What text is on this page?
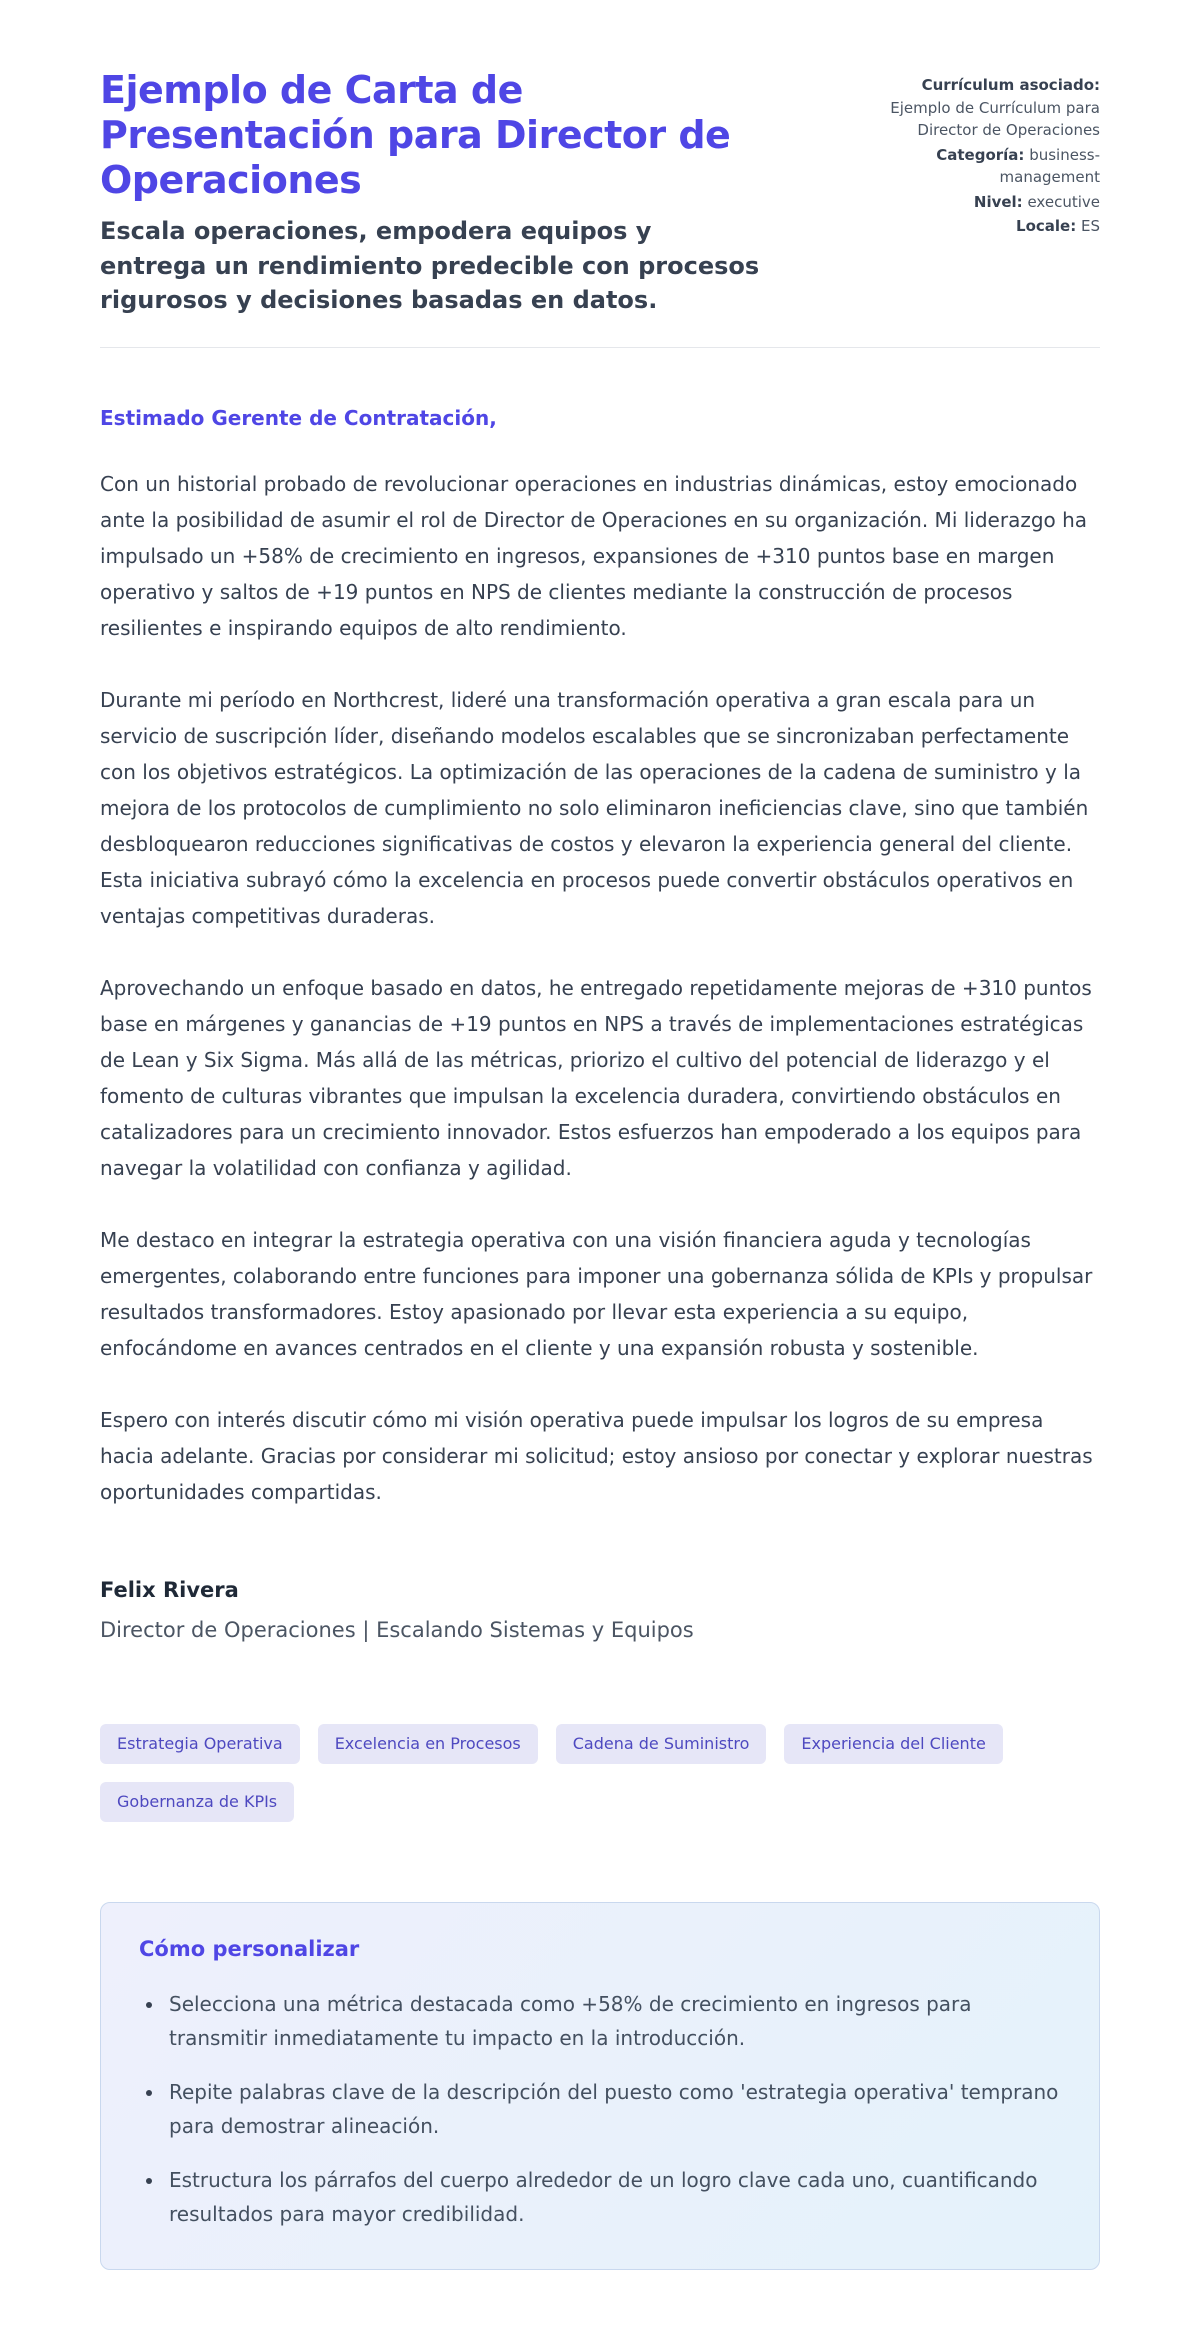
Ejemplo de Carta de Presentación para Director de Operaciones

Escala operaciones, empodera equipos y entrega un rendimiento predecible con procesos rigurosos y decisiones basadas en datos.

Currículum asociado:
Ejemplo de Currículum para Director de Operaciones
Categoría: business-management
Nivel: executive
Locale: ES

Estimado Gerente de Contratación,

Con un historial probado de revolucionar operaciones en industrias dinámicas, estoy emocionado ante la posibilidad de asumir el rol de Director de Operaciones en su organización. Mi liderazgo ha impulsado un +58% de crecimiento en ingresos, expansiones de +310 puntos base en margen operativo y saltos de +19 puntos en NPS de clientes mediante la construcción de procesos resilientes e inspirando equipos de alto rendimiento.

Durante mi período en Northcrest, lideré una transformación operativa a gran escala para un servicio de suscripción líder, diseñando modelos escalables que se sincronizaban perfectamente con los objetivos estratégicos. La optimización de las operaciones de la cadena de suministro y la mejora de los protocolos de cumplimiento no solo eliminaron ineficiencias clave, sino que también desbloquearon reducciones significativas de costos y elevaron la experiencia general del cliente. Esta iniciativa subrayó cómo la excelencia en procesos puede convertir obstáculos operativos en ventajas competitivas duraderas.

Aprovechando un enfoque basado en datos, he entregado repetidamente mejoras de +310 puntos base en márgenes y ganancias de +19 puntos en NPS a través de implementaciones estratégicas de Lean y Six Sigma. Más allá de las métricas, priorizo el cultivo del potencial de liderazgo y el fomento de culturas vibrantes que impulsan la excelencia duradera, convirtiendo obstáculos en catalizadores para un crecimiento innovador. Estos esfuerzos han empoderado a los equipos para navegar la volatilidad con confianza y agilidad.

Me destaco en integrar la estrategia operativa con una visión financiera aguda y tecnologías emergentes, colaborando entre funciones para imponer una gobernanza sólida de KPIs y propulsar resultados transformadores. Estoy apasionado por llevar esta experiencia a su equipo, enfocándome en avances centrados en el cliente y una expansión robusta y sostenible.

Espero con interés discutir cómo mi visión operativa puede impulsar los logros de su empresa hacia adelante. Gracias por considerar mi solicitud; estoy ansioso por conectar y explorar nuestras oportunidades compartidas.

Felix Rivera

Director de Operaciones | Escalando Sistemas y Equipos

Estrategia Operativa	Excelencia en Procesos	Cadena de Suministro	Experiencia del Cliente
Gobernanza de KPIs
Cómo personalizar
• Selecciona una métrica destacada como +58% de crecimiento en ingresos para transmitir inmediatamente tu impacto en la introducción.
• Repite palabras clave de la descripción del puesto como 'estrategia operativa' temprano para demostrar alineación.
• Estructura los párrafos del cuerpo alrededor de un logro clave cada uno, cuantificando resultados para mayor credibilidad.
